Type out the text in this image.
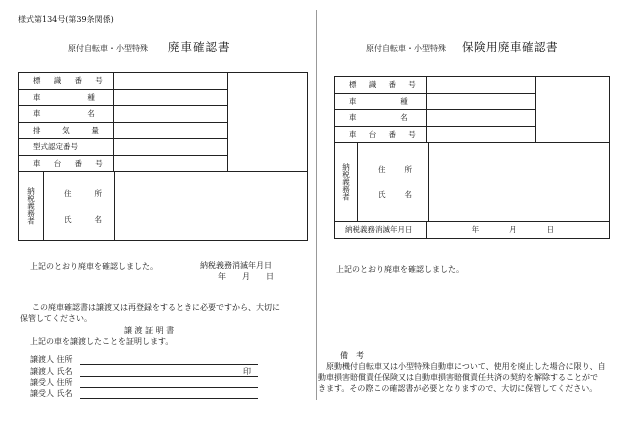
様式第134号(第39条関係)
原付自転車・小型特殊 廃車確認書
標 識 番 号		

車 種		

車 名		

排 気 量		

型式認定番号		

車 台 番 号		

納税義務者 住 所
氏 名		
上記のとおり廃車を確認しました。	納税義務消滅年月日
年　　月　　日
この廃車確認書は譲渡又は再登録をするときに必要ですから、大切に
保管してください。
譲 渡 証 明 書
上記の車を譲渡したことを証明します。
譲渡人 住所
譲渡人 氏名	印
譲受人 住所
譲受人 氏名
原付自転車・小型特殊 保険用廃車確認書
標 識 番 号		

車 種		

車 名		

車 台 番 号		

納税義務者 住 所
氏 名		

納税義務消滅年月日	年 月 日	
上記のとおり廃車を確認しました。
備　考
原動機付自転車又は小型特殊自動車について、使用を廃止した場合に限り、自
動車損害賠償責任保険又は自動車損害賠償責任共済の契約を解除することがで
きます。その際この確認書が必要となりますので、大切に保管してください。
